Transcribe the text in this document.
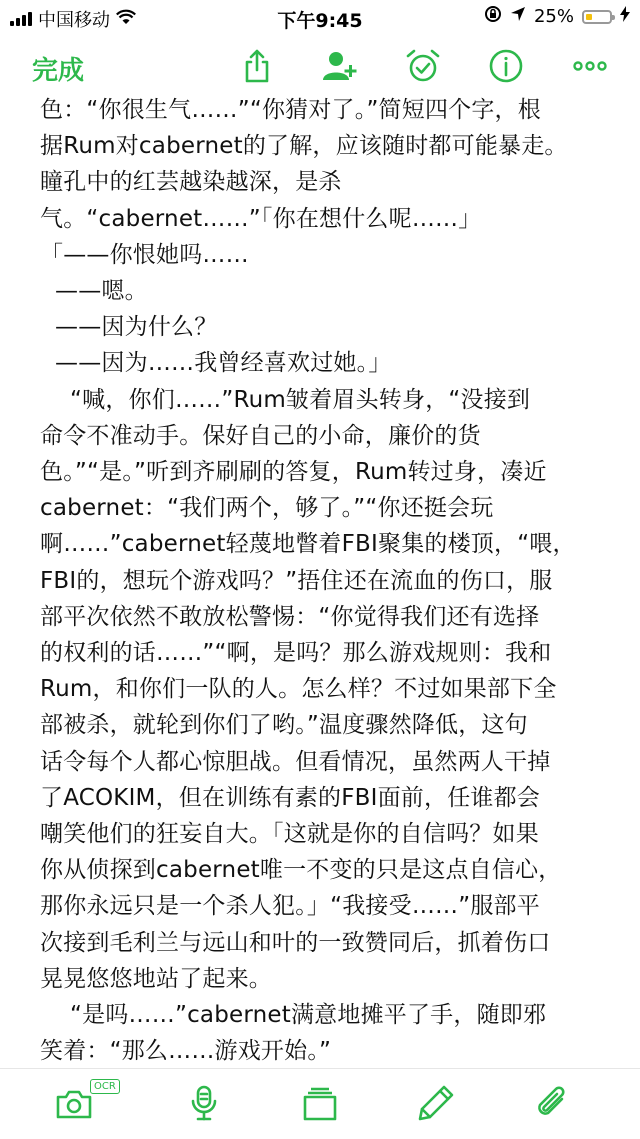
中国移动	下午9:45	25%
完成

色：“你很生气……”“你猜对了。”简短四个字，根

据Rum对cabernet的了解，应该随时都可能暴走。

瞳孔中的红芸越染越深，是杀

气。“cabernet……”「你在想什么呢……」

「——你恨她吗……

——嗯。

——因为什么？

——因为……我曾经喜欢过她。」

“喊，你们……”Rum皱着眉头转身，“没接到

命令不准动手。保好自己的小命，廉价的货

色。”“是。”听到齐刷刷的答复，Rum转过身，凑近

cabernet：“我们两个，够了。”“你还挺会玩

啊……”cabernet轻蔑地瞥着FBI聚集的楼顶，“喂，

FBI的，想玩个游戏吗？”捂住还在流血的伤口，服

部平次依然不敢放松警惕：“你觉得我们还有选择

的权利的话……”“啊，是吗？那么游戏规则：我和

Rum，和你们一队的人。怎么样？不过如果部下全

部被杀，就轮到你们了哟。”温度骤然降低，这句

话令每个人都心惊胆战。但看情况，虽然两人干掉

了ACOKIM，但在训练有素的FBI面前，任谁都会

嘲笑他们的狂妄自大。「这就是你的自信吗？如果

你从侦探到cabernet唯一不变的只是这点自信心，

那你永远只是一个杀人犯。」“我接受……”服部平

次接到毛利兰与远山和叶的一致赞同后，抓着伤口

晃晃悠悠地站了起来。

“是吗……”cabernet满意地摊平了手，随即邪

笑着：“那么……游戏开始。”

OCR
